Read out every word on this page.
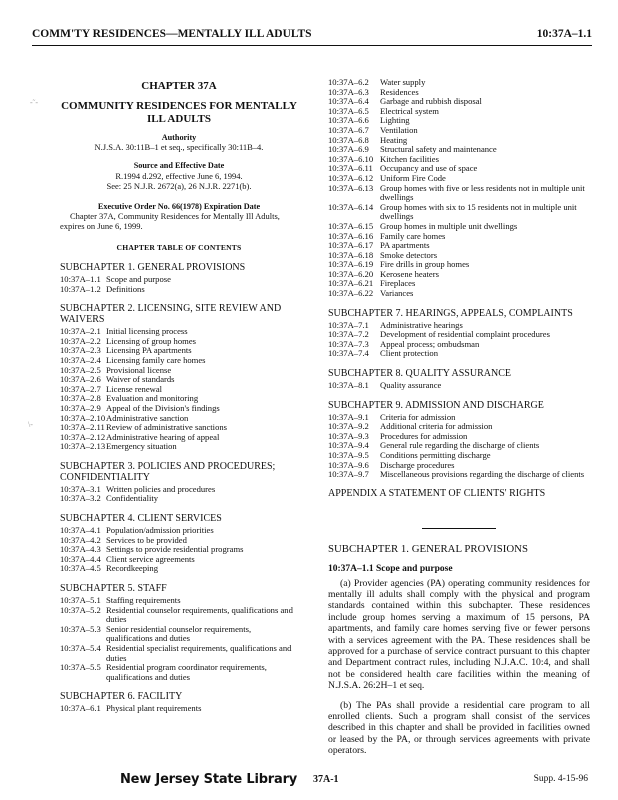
COMM'TY RESIDENCES—MENTALLY ILL ADULTS	10:37A–1.1
‐˜‐
\‐
CHAPTER 37A
COMMUNITY RESIDENCES FOR MENTALLY ILL ADULTS
Authority
N.J.S.A. 30:11B–1 et seq., specifically 30:11B–4.
Source and Effective Date
R.1994 d.292, effective June 6, 1994.
See: 25 N.J.R. 2672(a), 26 N.J.R. 2271(b).
Executive Order No. 66(1978) Expiration Date
Chapter 37A, Community Residences for Mentally Ill Adults, expires on June 6, 1999.
CHAPTER TABLE OF CONTENTS
SUBCHAPTER 1. GENERAL PROVISIONS
10:37A–1.1 Scope and purpose
10:37A–1.2 Definitions
SUBCHAPTER 2. LICENSING, SITE REVIEW AND WAIVERS
10:37A–2.1 Initial licensing process
10:37A–2.2 Licensing of group homes
10:37A–2.3 Licensing PA apartments
10:37A–2.4 Licensing family care homes
10:37A–2.5 Provisional license
10:37A–2.6 Waiver of standards
10:37A–2.7 License renewal
10:37A–2.8 Evaluation and monitoring
10:37A–2.9 Appeal of the Division's findings
10:37A–2.10 Administrative sanction
10:37A–2.11 Review of administrative sanctions
10:37A–2.12 Administrative hearing of appeal
10:37A–2.13 Emergency situation
SUBCHAPTER 3. POLICIES AND PROCEDURES; CONFIDENTIALITY
10:37A–3.1 Written policies and procedures
10:37A–3.2 Confidentiality
SUBCHAPTER 4. CLIENT SERVICES
10:37A–4.1 Population/admission priorities
10:37A–4.2 Services to be provided
10:37A–4.3 Settings to provide residential programs
10:37A–4.4 Client service agreements
10:37A–4.5 Recordkeeping
SUBCHAPTER 5. STAFF
10:37A–5.1 Staffing requirements
10:37A–5.2 Residential counselor requirements, qualifications and duties
10:37A–5.3 Senior residential counselor requirements, qualifications and duties
10:37A–5.4 Residential specialist requirements, qualifications and duties
10:37A–5.5 Residential program coordinator requirements, qualifications and duties
SUBCHAPTER 6. FACILITY
10:37A–6.1 Physical plant requirements
10:37A–6.2	Water supply
10:37A–6.3	Residences
10:37A–6.4	Garbage and rubbish disposal
10:37A–6.5	Electrical system
10:37A–6.6	Lighting
10:37A–6.7	Ventilation
10:37A–6.8	Heating
10:37A–6.9	Structural safety and maintenance
10:37A–6.10 Kitchen facilities
10:37A–6.11 Occupancy and use of space
10:37A–6.12 Uniform Fire Code
10:37A–6.13 Group homes with five or less residents not in multiple unit dwellings
10:37A–6.14 Group homes with six to 15 residents not in multiple unit dwellings
10:37A–6.15 Group homes in multiple unit dwellings
10:37A–6.16 Family care homes
10:37A–6.17 PA apartments
10:37A–6.18 Smoke detectors
10:37A–6.19 Fire drills in group homes
10:37A–6.20 Kerosene heaters
10:37A–6.21 Fireplaces
10:37A–6.22 Variances
SUBCHAPTER 7. HEARINGS, APPEALS, COMPLAINTS
10:37A–7.1	Administrative hearings
10:37A–7.2	Development of residential complaint procedures
10:37A–7.3	Appeal process; ombudsman
10:37A–7.4	Client protection
SUBCHAPTER 8. QUALITY ASSURANCE
10:37A–8.1	Quality assurance
SUBCHAPTER 9. ADMISSION AND DISCHARGE
10:37A–9.1	Criteria for admission
10:37A–9.2	Additional criteria for admission
10:37A–9.3	Procedures for admission
10:37A–9.4	General rule regarding the discharge of clients
10:37A–9.5	Conditions permitting discharge
10:37A–9.6	Discharge procedures
10:37A–9.7	Miscellaneous provisions regarding the discharge of clients
APPENDIX A STATEMENT OF CLIENTS' RIGHTS
SUBCHAPTER 1. GENERAL PROVISIONS
10:37A–1.1 Scope and purpose

(a) Provider agencies (PA) operating community residences for mentally ill adults shall comply with the physical and program standards contained within this subchapter. These residences include group homes serving a maximum of 15 persons, PA apartments, and family care homes serving five or fewer persons with a services agreement with the PA. These residences shall be approved for a purchase of service contract pursuant to this chapter and Department contract rules, including N.J.A.C. 10:4, and shall not be considered health care facilities within the meaning of N.J.S.A. 26:2H–1 et seq.

(b) The PAs shall provide a residential care program to all enrolled clients. Such a program shall consist of the services described in this chapter and shall be provided in facilities owned or leased by the PA, or through services agreements with private operators.

New Jersey State Library 37A-1	Supp. 4-15-96
